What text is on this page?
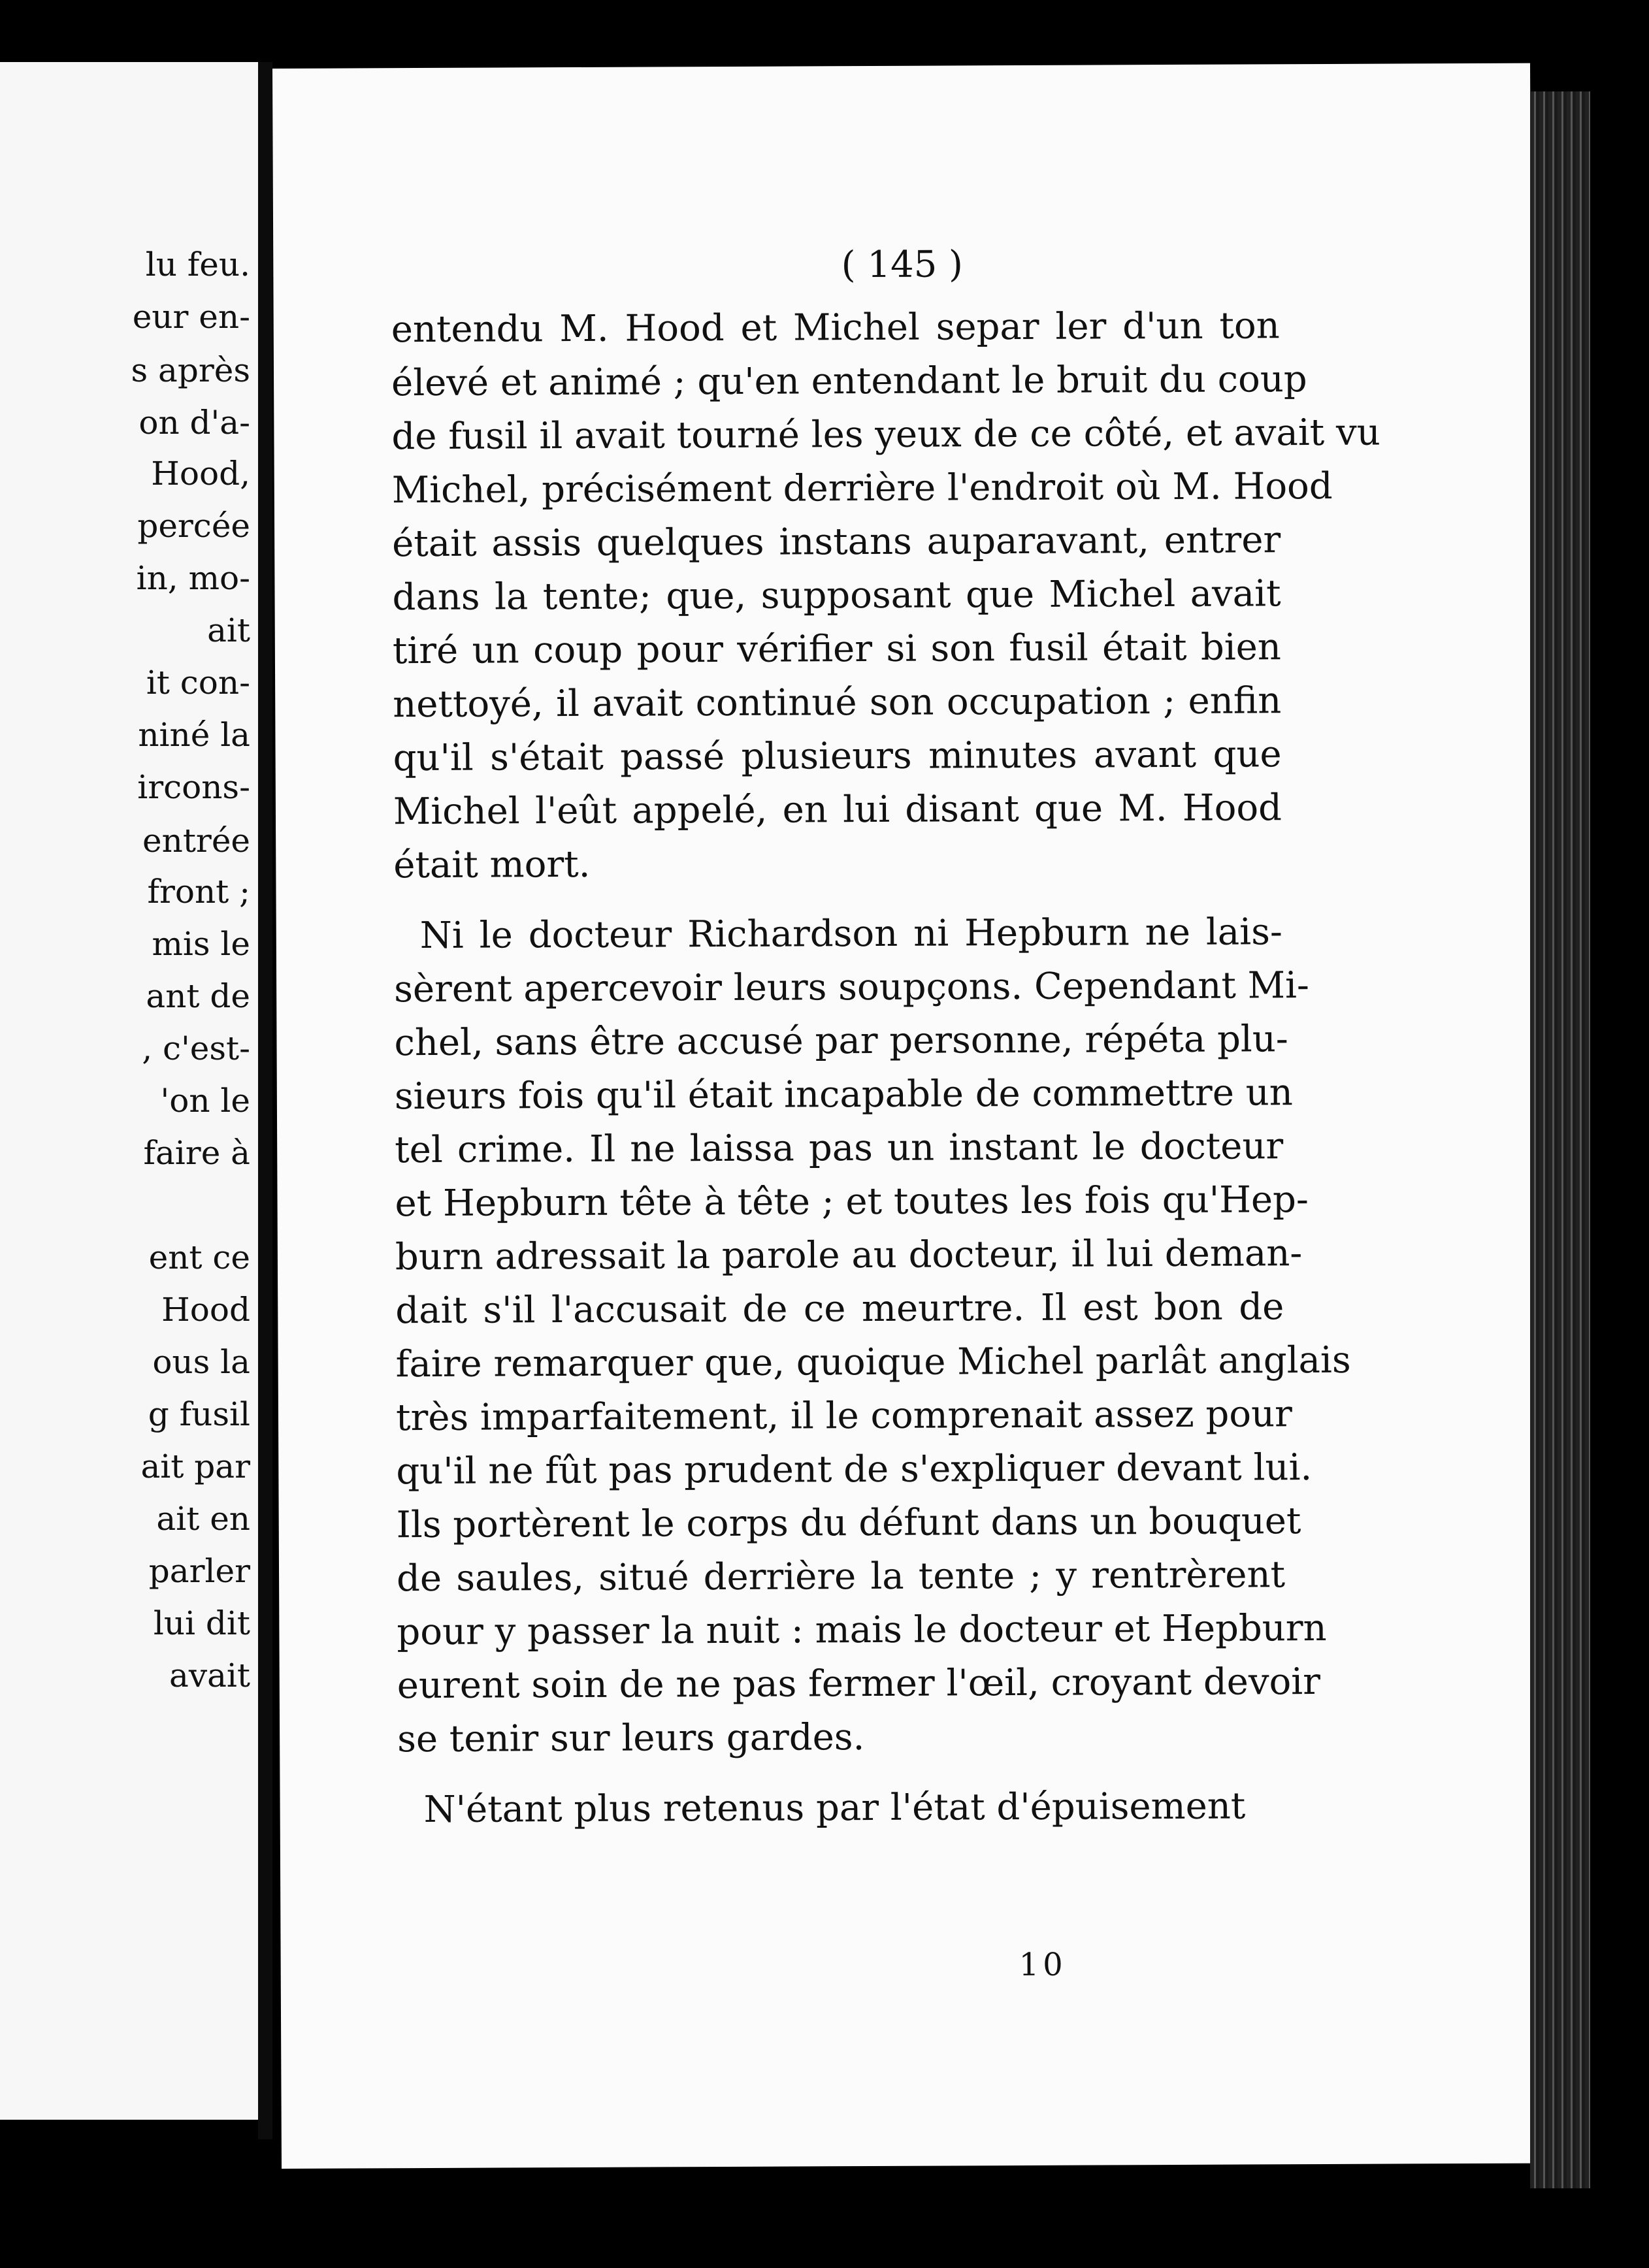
lu feu.
eur en-
s après
on d'a-
Hood,
percée
in, mo-
ait
it con-
niné la
ircons-
entrée
front ;
mis le
ant de
, c'est-
'on le
faire à
ent ce
Hood
ous la
g fusil
ait par
ait en
parler
lui dit
avait
( 145 )

entendu M. Hood et Michel separ ler d'un ton
élevé et animé ; qu'en entendant le bruit du coup
de fusil il avait tourné les yeux de ce côté, et avait vu
Michel, précisément derrière l'endroit où M. Hood
était assis quelques instans auparavant, entrer
dans la tente; que, supposant que Michel avait
tiré un coup pour vérifier si son fusil était bien
nettoyé, il avait continué son occupation ; enfin
qu'il s'était passé plusieurs minutes avant que
Michel l'eût appelé, en lui disant que M. Hood
était mort.

Ni le docteur Richardson ni Hepburn ne lais-
sèrent apercevoir leurs soupçons. Cependant Mi-
chel, sans être accusé par personne, répéta plu-
sieurs fois qu'il était incapable de commettre un
tel crime. Il ne laissa pas un instant le docteur
et Hepburn tête à tête ; et toutes les fois qu'Hep-
burn adressait la parole au docteur, il lui deman-
dait s'il l'accusait de ce meurtre. Il est bon de
faire remarquer que, quoique Michel parlât anglais
très imparfaitement, il le comprenait assez pour
qu'il ne fût pas prudent de s'expliquer devant lui.
Ils portèrent le corps du défunt dans un bouquet
de saules, situé derrière la tente ; y rentrèrent
pour y passer la nuit : mais le docteur et Hepburn
eurent soin de ne pas fermer l'œil, croyant devoir
se tenir sur leurs gardes.

N'étant plus retenus par l'état d'épuisement

10
